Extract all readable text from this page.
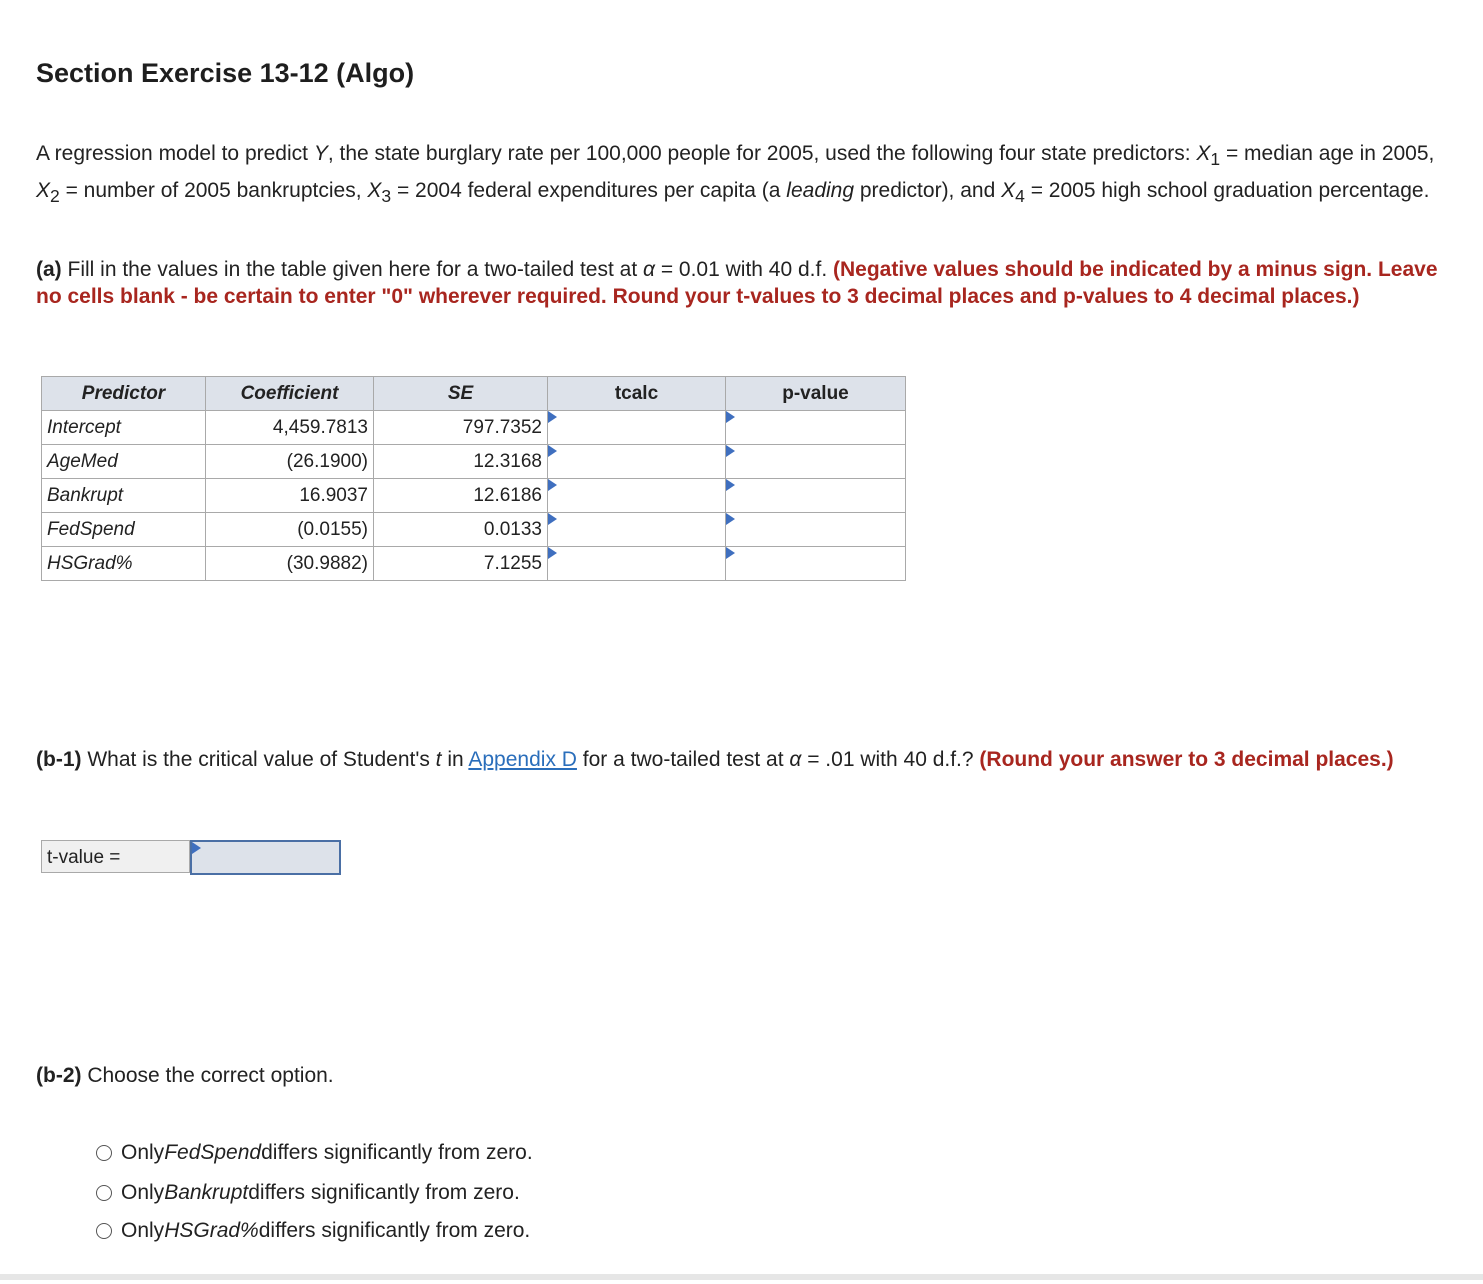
Section Exercise 13-12 (Algo)
A regression model to predict Y, the state burglary rate per 100,000 people for 2005, used the following four state predictors: $X_1$ = median age in 2005, $X_2$ = number of 2005 bankruptcies, $X_3 = 2004$ federal expenditures per capita (a leading predictor), and $X_4 = 2005$ high school graduation percentage.
(a) Fill in the values in the table given here for a two-tailed test at α = 0.01 with 40 d.f. (Negative values should be indicated by a minus sign. Leave no cells blank - be certain to enter "0" wherever required. Round your t-values to 3 decimal places and p-values to 4 decimal places.)
Predictor	Coefficient	SE	tcalc	p-value
Intercept	4,459.7813	797.7352	

AgeMed	(26.1900)	12.3168	

Bankrupt	16.9037	12.6186	

FedSpend	(0.0155)	0.0133	

HSGrad%	(30.9882)	7.1255	

(b-1) What is the critical value of Student's t in Appendix D for a two-tailed test at α = .01 with 40 d.f.? (Round your answer to 3 decimal places.)
t-value =
(b-2) Choose the correct option.
Only FedSpend differs significantly from zero.
Only Bankrupt differs significantly from zero.
Only HSGrad% differs significantly from zero.
